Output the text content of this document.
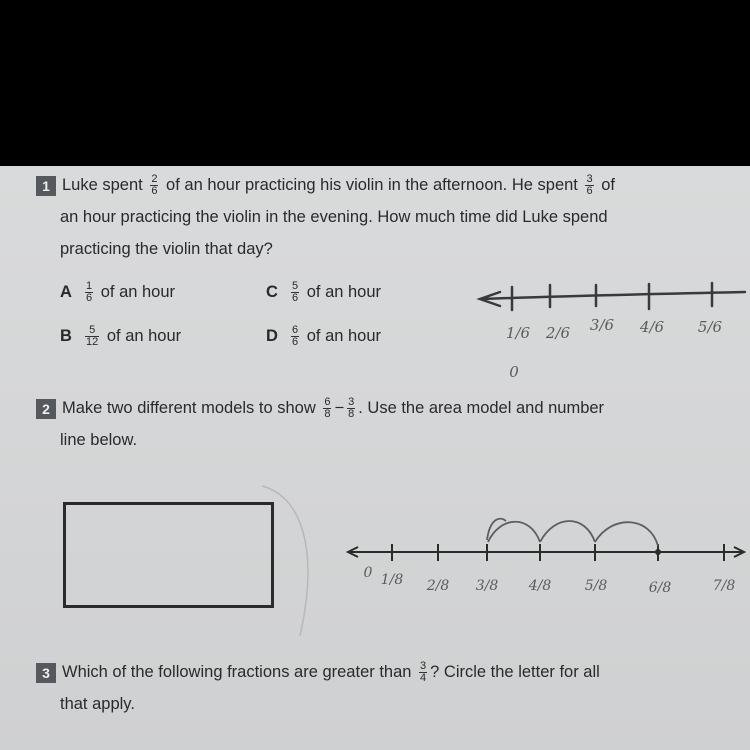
1 Luke spent $\frac{2}{6}$ of an hour practicing his violin in the afternoon. He spent $\frac{3}{6}$ of
an hour practicing the violin in the evening. How much time did Luke spend
practicing the violin that day?
A $\frac{1}{6}$ of an hour
B $\frac{5}{12}$ of an hour
C $\frac{5}{6}$ of an hour
D $\frac{6}{6}$ of an hour
2 Make two different models to show $\frac{6}{8} - \frac{3}{8}$ . Use the area model and number
line below.
3 Which of the following fractions are greater than $\frac{3}{4}$ ? Circle the letter for all
that apply.
1/6 2/6 3/6 4/6 5/6
0
0 1/8 2/8 3/8 4/8 5/8	6/8	7/8
